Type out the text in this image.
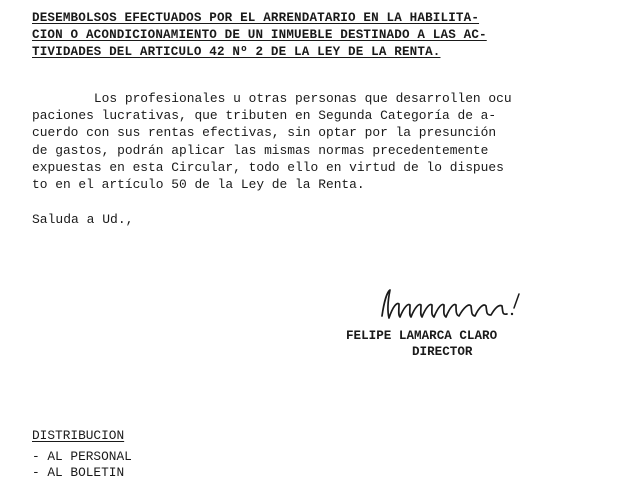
DESEMBOLSOS EFECTUADOS POR EL ARRENDATARIO EN LA HABILITA-
CION O ACONDICIONAMIENTO DE UN INMUEBLE DESTINADO A LAS AC-
TIVIDADES DEL ARTICULO 42 Nº 2 DE LA LEY DE LA RENTA.
Los profesionales u otras personas que desarrollen ocu
paciones lucrativas, que tributen en Segunda Categoría de a-
cuerdo con sus rentas efectivas, sin optar por la presunción
de gastos, podrán aplicar las mismas normas precedentemente
expuestas en esta Circular, todo ello en virtud de lo dispues
to en el artículo 50 de la Ley de la Renta.
Saluda a Ud.,
FELIPE LAMARCA CLARO
DIRECTOR
DISTRIBUCION
- AL PERSONAL
- AL BOLETIN
